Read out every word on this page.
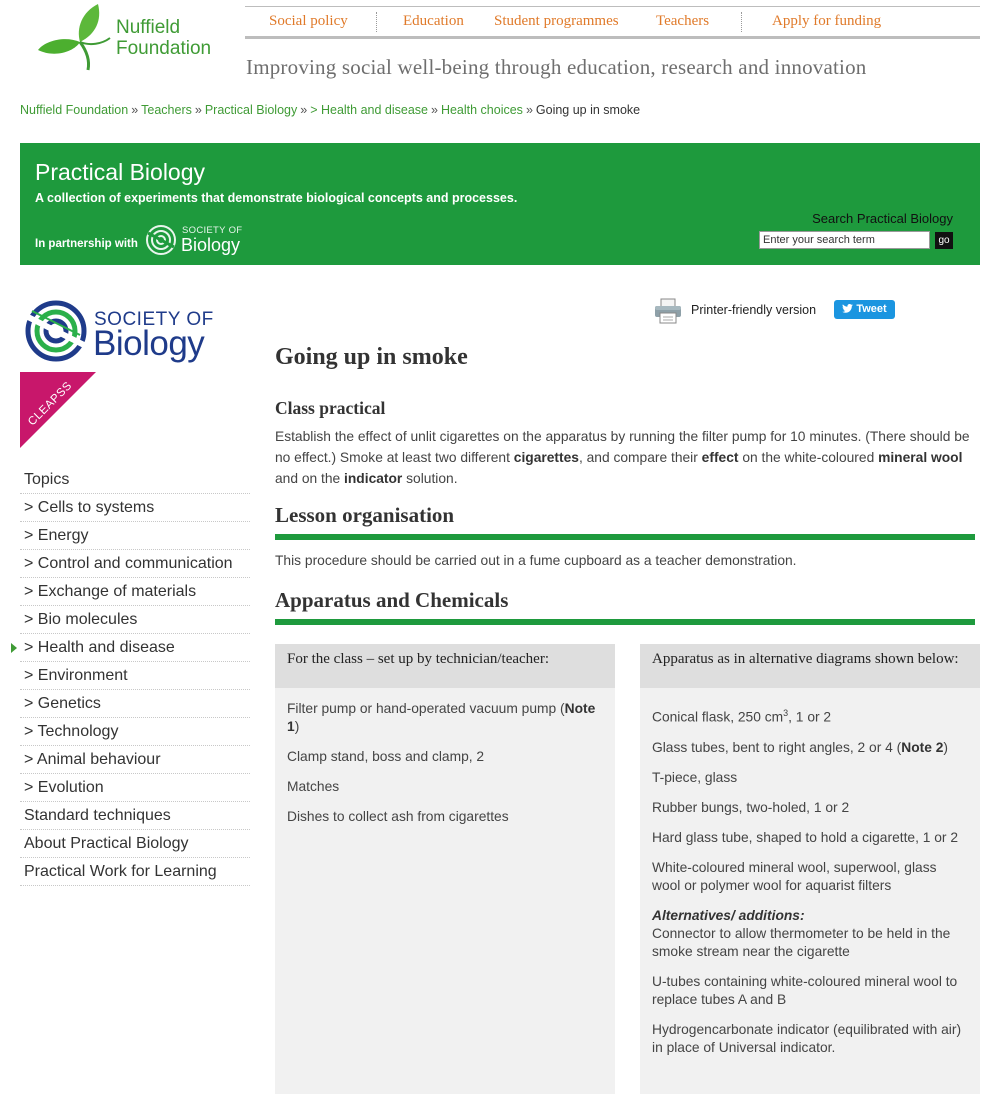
Nuffield
Foundation
Social policy	Education Student programmes Teachers	Apply for funding
Improving social well-being through education, research and innovation
Nuffield Foundation » Teachers » Practical Biology » > Health and disease » Health choices » Going up in smoke
Practical Biology
A collection of experiments that demonstrate biological concepts and processes.
In partnership with
SOCIETY OF
Biology
Search Practical Biology
Enter your search term
go
SOCIETY OF
Biology
CLEAPSS
Topics
> Cells to systems
> Energy
> Control and communication
> Exchange of materials
> Bio molecules
> Health and disease
> Environment
> Genetics
> Technology
> Animal behaviour
> Evolution
Standard techniques
About Practical Biology
Practical Work for Learning
Printer-friendly version	Tweet
Going up in smoke
Class practical

Establish the effect of unlit cigarettes on the apparatus by running the filter pump for 10 minutes. (There should be no effect.) Smoke at least two different cigarettes, and compare their effect on the white-coloured mineral wool and on the indicator solution.

Lesson organisation

This procedure should be carried out in a fume cupboard as a teacher demonstration.

Apparatus and Chemicals
For the class – set up by technician/teacher:

Filter pump or hand-operated vacuum pump (Note 1)

Clamp stand, boss and clamp, 2

Matches

Dishes to collect ash from cigarettes

Apparatus as in alternative diagrams shown below:

Conical flask, 250 $cm^3$, 1 or 2

Glass tubes, bent to right angles, 2 or 4 (Note 2)

T-piece, glass

Rubber bungs, two-holed, 1 or 2

Hard glass tube, shaped to hold a cigarette, 1 or 2

White-coloured mineral wool, superwool, glass wool or polymer wool for aquarist filters

Alternatives/ additions:

Connector to allow thermometer to be held in the smoke stream near the cigarette

U-tubes containing white-coloured mineral wool to replace tubes A and B

Hydrogencarbonate indicator (equilibrated with air) in place of Universal indicator.
